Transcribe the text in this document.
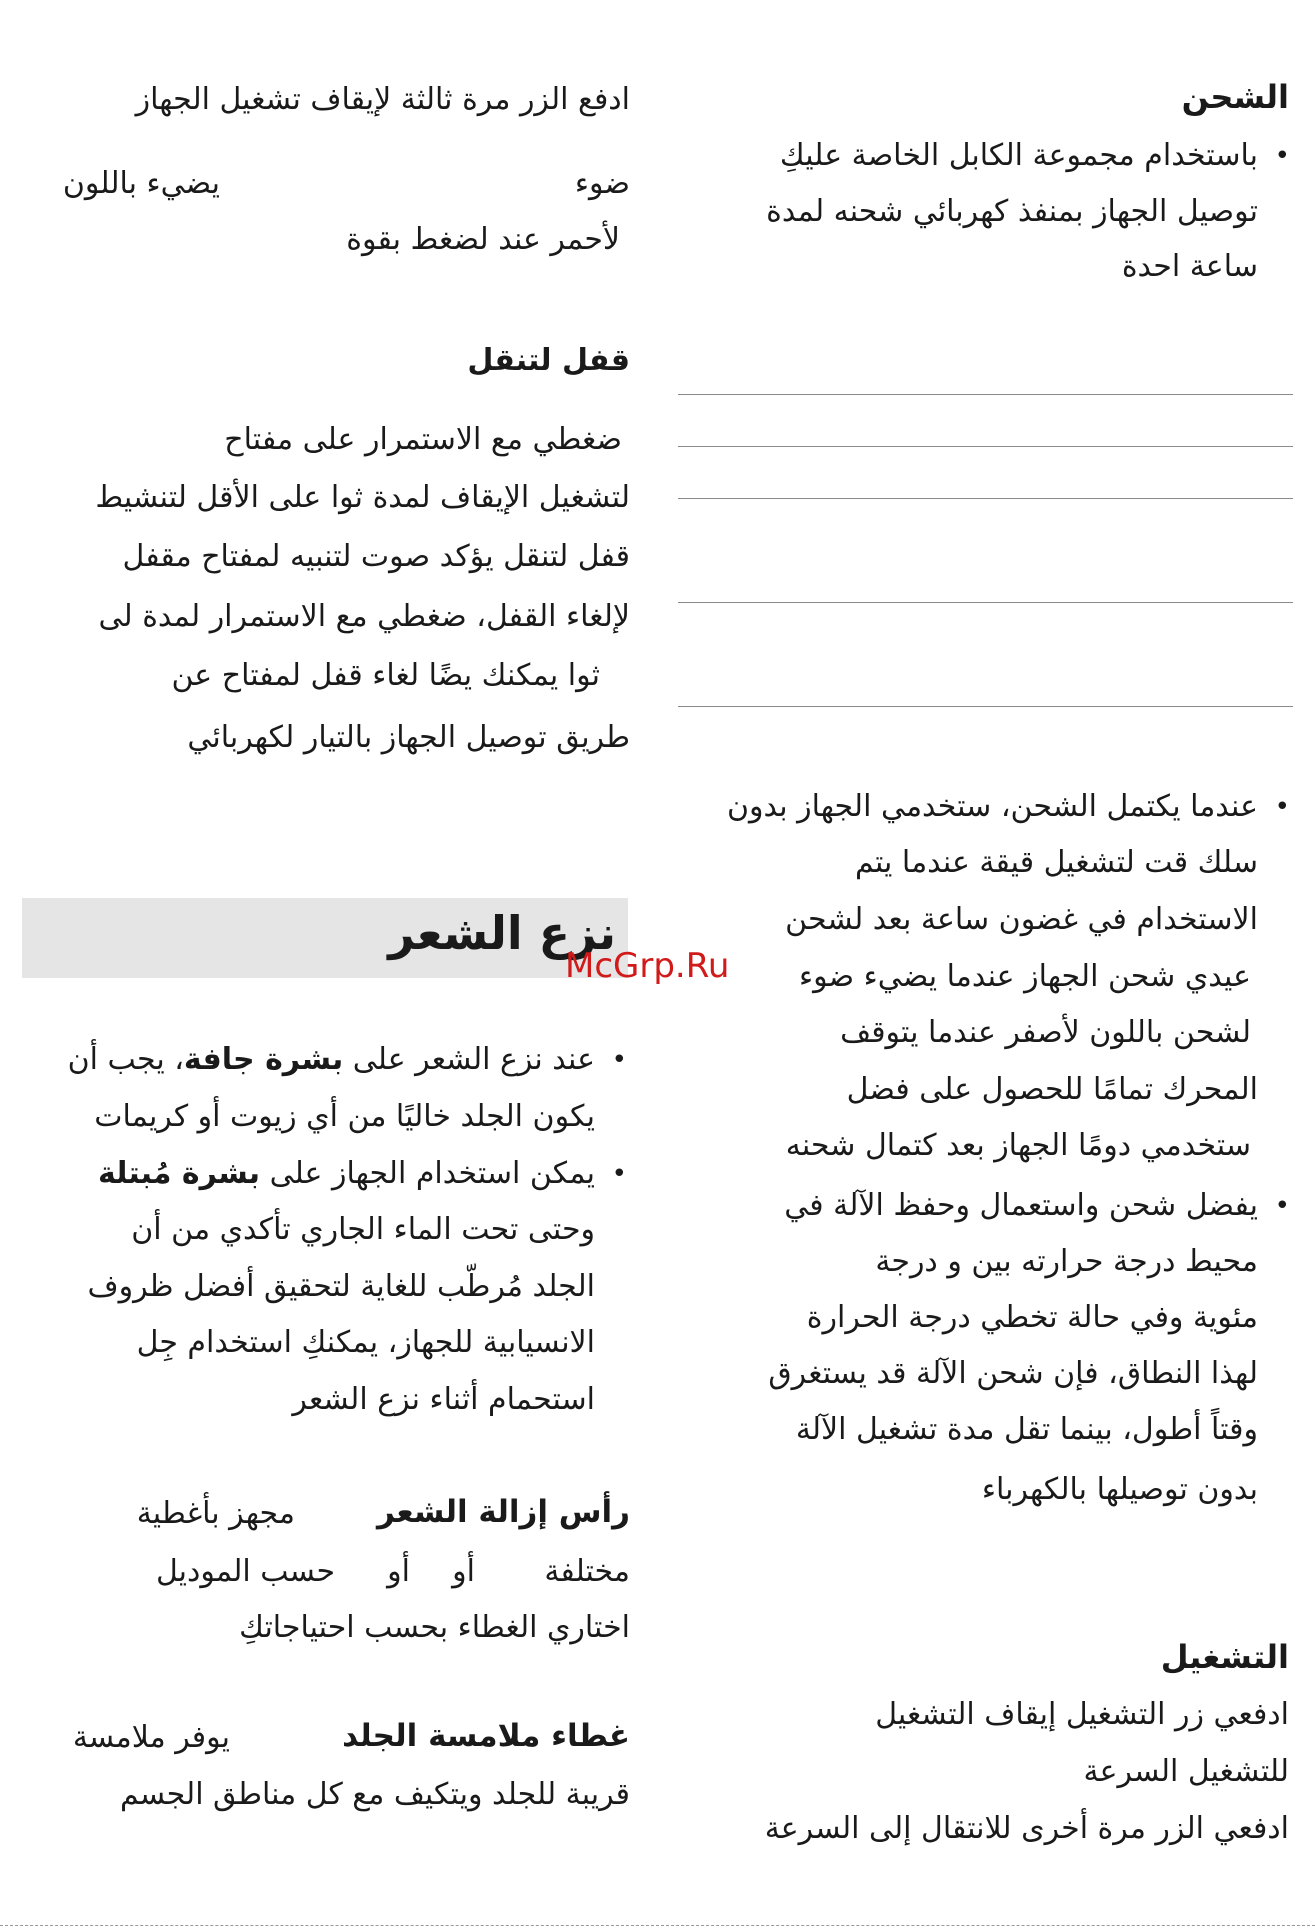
الشحن
• باستخدام مجموعة الكابل الخاصة عليكِ
توصيل الجهاز بمنفذ كهربائي شحنه لمدة
ساعة احدة
• عندما يكتمل الشحن، ستخدمي الجهاز بدون
سلك قت لتشغيل قيقة عندما يتم
الاستخدام في غضون ساعة بعد لشحن
عيدي شحن الجهاز عندما يضيء ضوء
لشحن باللون لأصفر عندما يتوقف
المحرك تمامًا للحصول على فضل
ستخدمي دومًا الجهاز بعد كتمال شحنه
• يفضل شحن واستعمال وحفظ الآلة في
محيط درجة حرارته بين و درجة
مئوية وفي حالة تخطي درجة الحرارة
لهذا النطاق، فإن شحن الآلة قد يستغرق
وقتاً أطول، بينما تقل مدة تشغيل الآلة
بدون توصيلها بالكهرباء
التشغيل
ادفعي زر التشغيل إيقاف التشغيل
للتشغيل السرعة
ادفعي الزر مرة أخرى للانتقال إلى السرعة
ادفع الزر مرة ثالثة لإيقاف تشغيل الجهاز
ضوء
يضيء باللون
لأحمر عند لضغط بقوة
قفل لتنقل
ضغطي مع الاستمرار على مفتاح
لتشغيل الإيقاف لمدة ثوا على الأقل لتنشيط
قفل لتنقل يؤكد صوت لتنبيه لمفتاح مقفل
لإلغاء القفل، ضغطي مع الاستمرار لمدة لى
ثوا يمكنك يضًا لغاء قفل لمفتاح عن
طريق توصيل الجهاز بالتيار لكهربائي
نزع الشعر
McGrp.Ru
• عند نزع الشعر على بشرة جافة، يجب أن
يكون الجلد خاليًا من أي زيوت أو كريمات
• يمكن استخدام الجهاز على بشرة مُبتلة
وحتى تحت الماء الجاري تأكدي من أن
الجلد مُرطّب للغاية لتحقيق أفضل ظروف
الانسيابية للجهاز، يمكنكِ استخدام جِل
استحمام أثناء نزع الشعر
رأس إزالة الشعر
مجهز بأغطية
مختلفة
أو
أو
حسب الموديل
اختاري الغطاء بحسب احتياجاتكِ
غطاء ملامسة الجلد
يوفر ملامسة
قريبة للجلد ويتكيف مع كل مناطق الجسم
